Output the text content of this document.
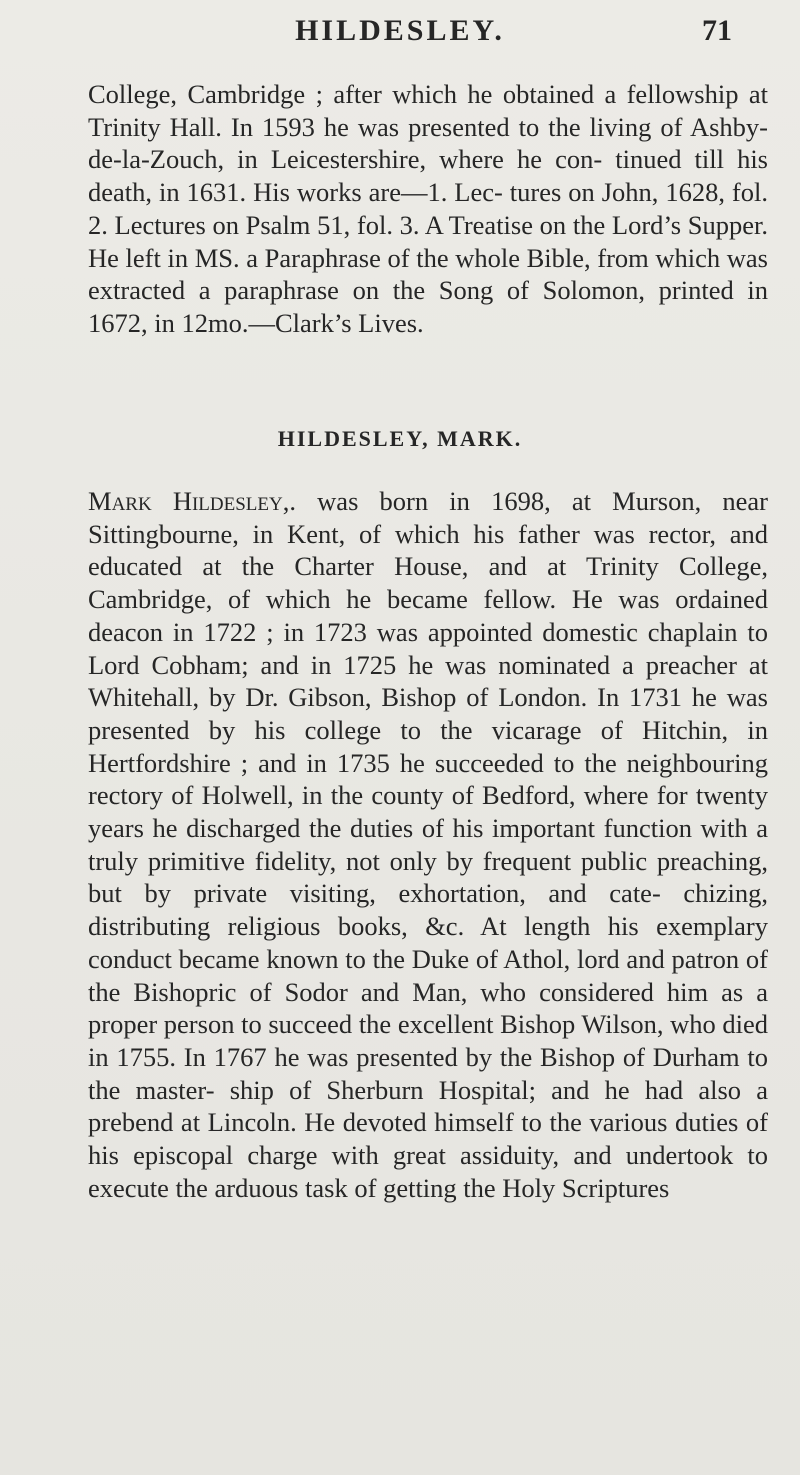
HILDESLEY.	71

College, Cambridge ; after which he obtained a fellowship at Trinity Hall. In 1593 he was presented to the living of Ashby-de-la-Zouch, in Leicestershire, where he con- tinued till his death, in 1631. His works are—1. Lec- tures on John, 1628, fol. 2. Lectures on Psalm 51, fol. 3. A Treatise on the Lord’s Supper. He left in MS. a Paraphrase of the whole Bible, from which was extracted a paraphrase on the Song of Solomon, printed in 1672, in 12mo.—Clark’s Lives.

HILDESLEY, MARK.

Mark Hildesley,. was born in 1698, at Murson, near Sittingbourne, in Kent, of which his father was rector, and educated at the Charter House, and at Trinity College, Cambridge, of which he became fellow. He was ordained deacon in 1722 ; in 1723 was appointed domestic chaplain to Lord Cobham; and in 1725 he was nominated a preacher at Whitehall, by Dr. Gibson, Bishop of London. In 1731 he was presented by his college to the vicarage of Hitchin, in Hertfordshire ; and in 1735 he succeeded to the neighbouring rectory of Holwell, in the county of Bedford, where for twenty years he discharged the duties of his important function with a truly primitive fidelity, not only by frequent public preaching, but by private visiting, exhortation, and cate- chizing, distributing religious books, &c. At length his exemplary conduct became known to the Duke of Athol, lord and patron of the Bishopric of Sodor and Man, who considered him as a proper person to succeed the excellent Bishop Wilson, who died in 1755. In 1767 he was presented by the Bishop of Durham to the master- ship of Sherburn Hospital; and he had also a prebend at Lincoln. He devoted himself to the various duties of his episcopal charge with great assiduity, and undertook to execute the arduous task of getting the Holy Scriptures
